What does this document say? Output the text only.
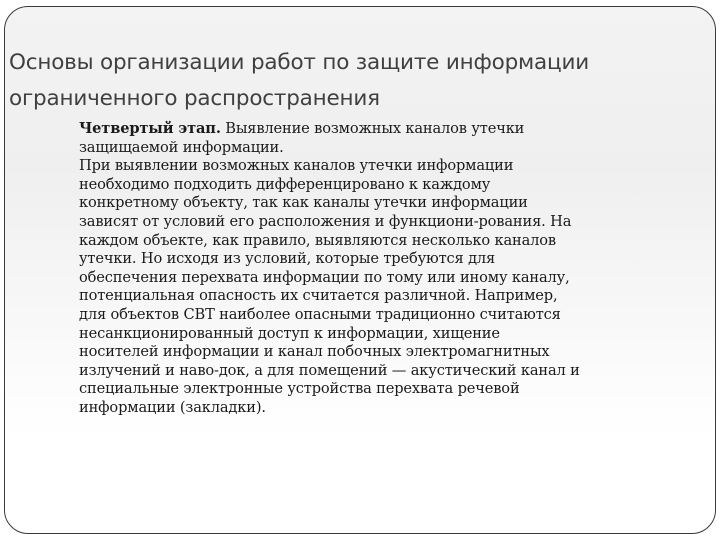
Основы организации работ по защите информации
ограниченного распространения
Четвертый этап. Выявление возможных каналов утечки
защищаемой информации.
При выявлении возможных каналов утечки информации
необходимо подходить дифференцировано к каждому
конкретному объекту, так как каналы утечки информации
зависят от условий его расположения и функциони-рования. На
каждом объекте, как правило, выявляются несколько каналов
утечки. Но исходя из условий, которые требуются для
обеспечения перехвата информации по тому или иному каналу,
потенциальная опасность их считается различной. Например,
для объектов СВТ наиболее опасными традиционно считаются
несанкционированный доступ к информации, хищение
носителей информации и канал побочных электромагнитных
излучений и наво-док, а для помещений — акустический канал и
специальные электронные устройства перехвата речевой
информации (закладки).
